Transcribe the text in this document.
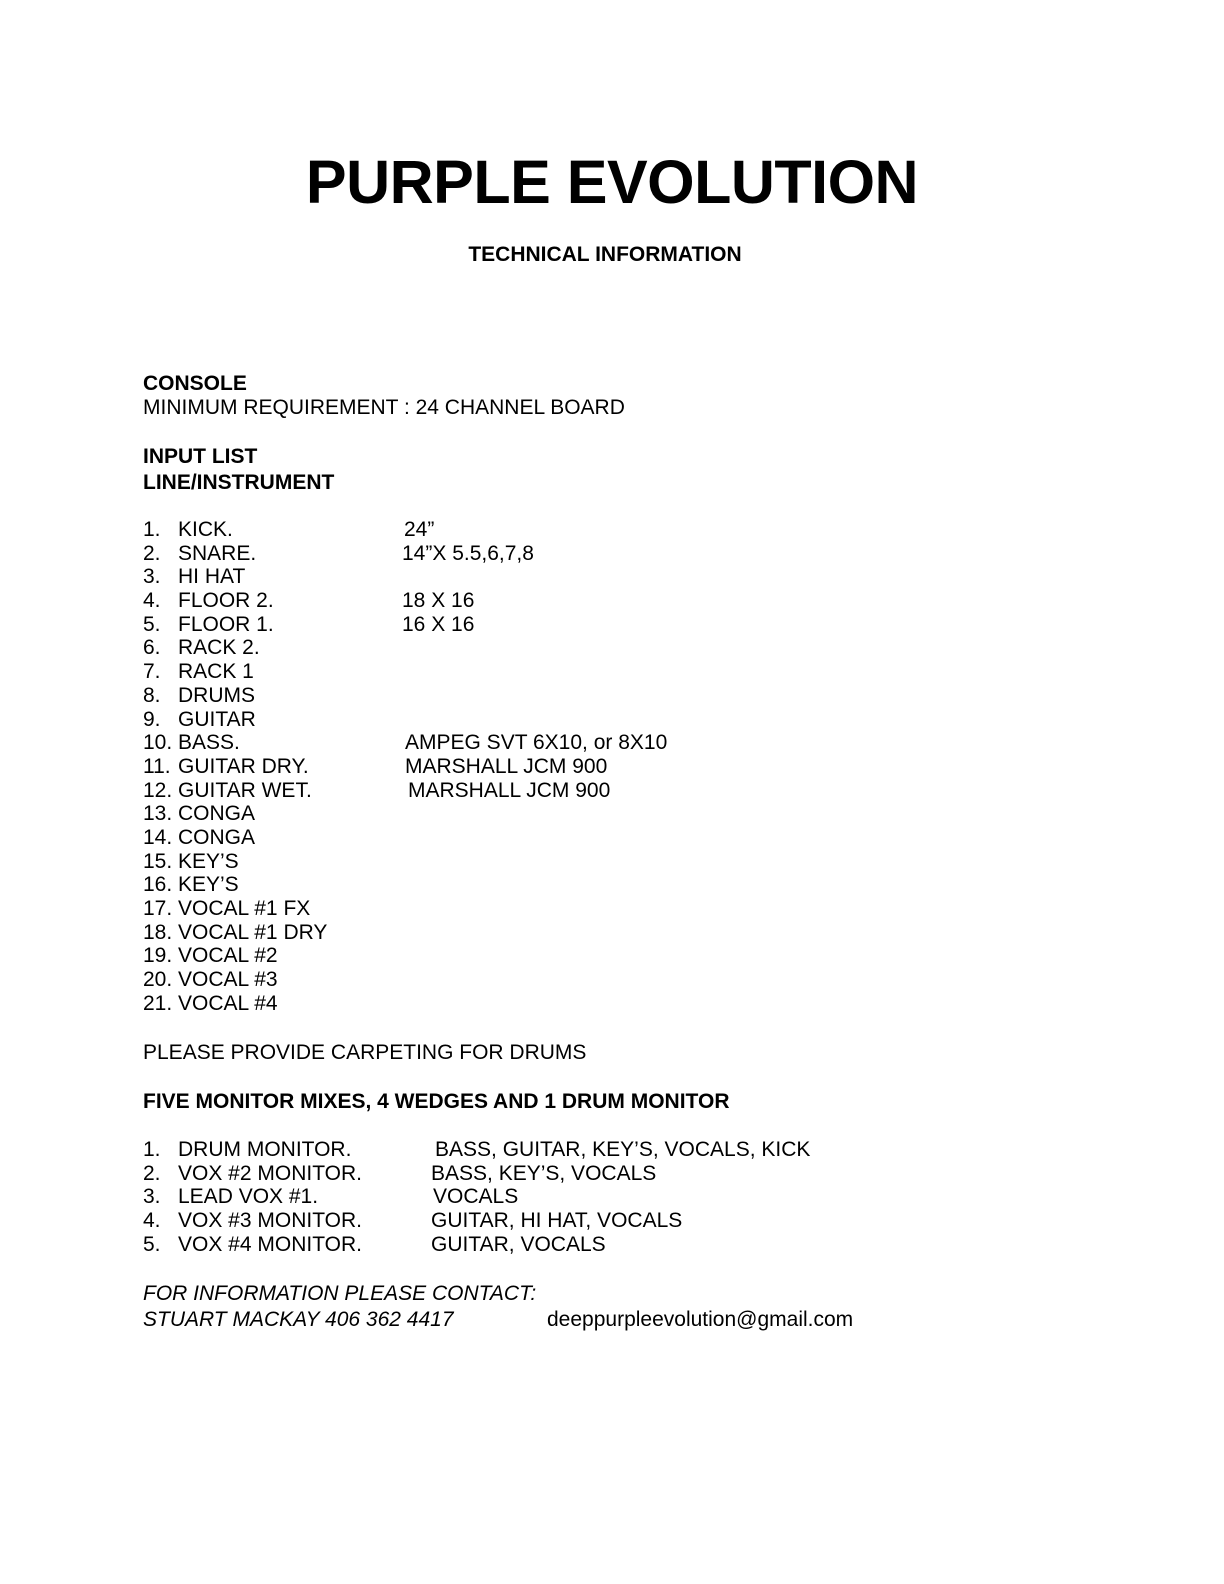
PURPLE EVOLUTION
TECHNICAL INFORMATION
CONSOLE
MINIMUM REQUIREMENT : 24 CHANNEL BOARD
INPUT LIST
LINE/INSTRUMENT
1. KICK.	24”
2. SNARE.	14”X 5.5,6,7,8
3. HI HAT
4. FLOOR 2.	18 X 16
5. FLOOR 1.	16 X 16
6. RACK 2.
7. RACK 1
8. DRUMS
9. GUITAR
10. BASS.	AMPEG SVT 6X10, or 8X10
11. GUITAR DRY.	MARSHALL JCM 900
12. GUITAR WET.	MARSHALL JCM 900
13. CONGA
14. CONGA
15. KEY’S
16. KEY’S
17. VOCAL #1 FX
18. VOCAL #1 DRY
19. VOCAL #2
20. VOCAL #3
21. VOCAL #4
PLEASE PROVIDE CARPETING FOR DRUMS
FIVE MONITOR MIXES, 4 WEDGES AND 1 DRUM MONITOR
1. DRUM MONITOR.	BASS, GUITAR, KEY’S, VOCALS, KICK
2. VOX #2 MONITOR.	BASS, KEY’S, VOCALS
3. LEAD VOX #1.	VOCALS
4. VOX #3 MONITOR.	GUITAR, HI HAT, VOCALS
5. VOX #4 MONITOR.	GUITAR, VOCALS
FOR INFORMATION PLEASE CONTACT:
STUART MACKAY 406 362 4417	deeppurpleevolution@gmail.com
